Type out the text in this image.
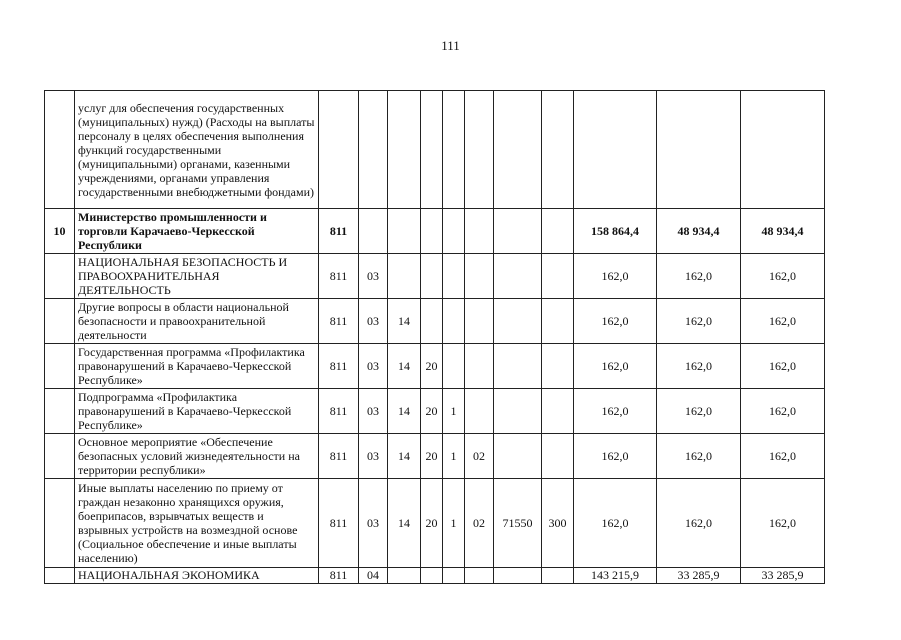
111
	услуг для обеспечения государственных (муниципальных) нужд) (Расходы на выплаты персоналу в целях обеспечения выполнения функций государственными (муниципальными) органами, казенными учреждениями, органами управления государственными внебюджетными фондами)											
10	Министерство промышленности и торговли Карачаево-Черкесской Республики	811								158 864,4	48 934,4	48 934,4
	НАЦИОНАЛЬНАЯ БЕЗОПАСНОСТЬ И ПРАВООХРАНИТЕЛЬНАЯ ДЕЯТЕЛЬНОСТЬ	811	03							162,0	162,0	162,0
	Другие вопросы в области национальной безопасности и правоохранительной деятельности	811	03	14						162,0	162,0	162,0
	Государственная программа «Профилактика правонарушений в Карачаево-Черкесской Республике»	811	03	14	20					162,0	162,0	162,0
	Подпрограмма «Профилактика правонарушений в Карачаево-Черкесской Республике»	811	03	14	20	1				162,0	162,0	162,0
	Основное мероприятие «Обеспечение безопасных условий жизнедеятельности на территории республики»	811	03	14	20	1	02			162,0	162,0	162,0
	Иные выплаты населению по приему от граждан незаконно хранящихся оружия, боеприпасов, взрывчатых веществ и взрывных устройств на возмездной основе (Социальное обеспечение и иные выплаты населению)	811	03	14	20	1	02	71550	300	162,0	162,0	162,0
	НАЦИОНАЛЬНАЯ ЭКОНОМИКА	811	04							143 215,9	33 285,9	33 285,9
